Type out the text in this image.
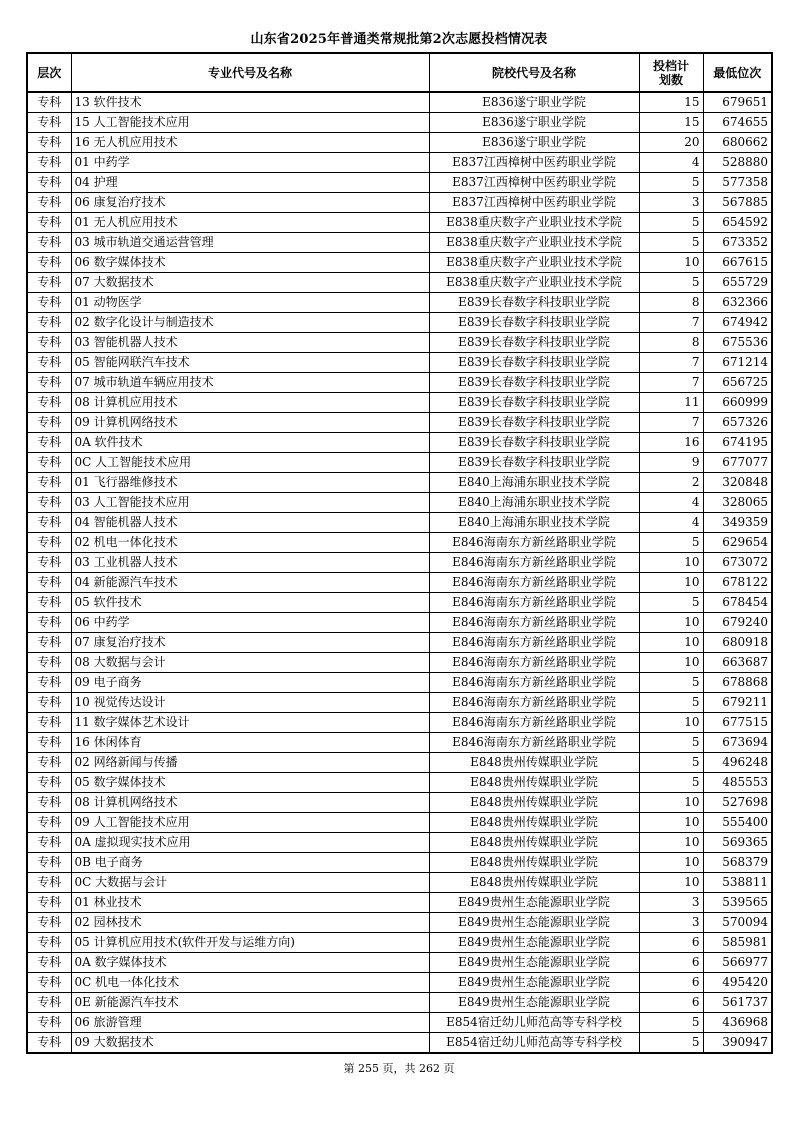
山东省2025年普通类常规批第2次志愿投档情况表
层次	专业代号及名称	院校代号及名称	投档计划数	最低位次
专科	13 软件技术	E836遂宁职业学院	15	679651
专科	15 人工智能技术应用	E836遂宁职业学院	15	674655
专科	16 无人机应用技术	E836遂宁职业学院	20	680662
专科	01 中药学	E837江西樟树中医药职业学院	4	528880
专科	04 护理	E837江西樟树中医药职业学院	5	577358
专科	06 康复治疗技术	E837江西樟树中医药职业学院	3	567885
专科	01 无人机应用技术	E838重庆数字产业职业技术学院	5	654592
专科	03 城市轨道交通运营管理	E838重庆数字产业职业技术学院	5	673352
专科	06 数字媒体技术	E838重庆数字产业职业技术学院	10	667615
专科	07 大数据技术	E838重庆数字产业职业技术学院	5	655729
专科	01 动物医学	E839长春数字科技职业学院	8	632366
专科	02 数字化设计与制造技术	E839长春数字科技职业学院	7	674942
专科	03 智能机器人技术	E839长春数字科技职业学院	8	675536
专科	05 智能网联汽车技术	E839长春数字科技职业学院	7	671214
专科	07 城市轨道车辆应用技术	E839长春数字科技职业学院	7	656725
专科	08 计算机应用技术	E839长春数字科技职业学院	11	660999
专科	09 计算机网络技术	E839长春数字科技职业学院	7	657326
专科	0A 软件技术	E839长春数字科技职业学院	16	674195
专科	0C 人工智能技术应用	E839长春数字科技职业学院	9	677077
专科	01 飞行器维修技术	E840上海浦东职业技术学院	2	320848
专科	03 人工智能技术应用	E840上海浦东职业技术学院	4	328065
专科	04 智能机器人技术	E840上海浦东职业技术学院	4	349359
专科	02 机电一体化技术	E846海南东方新丝路职业学院	5	629654
专科	03 工业机器人技术	E846海南东方新丝路职业学院	10	673072
专科	04 新能源汽车技术	E846海南东方新丝路职业学院	10	678122
专科	05 软件技术	E846海南东方新丝路职业学院	5	678454
专科	06 中药学	E846海南东方新丝路职业学院	10	679240
专科	07 康复治疗技术	E846海南东方新丝路职业学院	10	680918
专科	08 大数据与会计	E846海南东方新丝路职业学院	10	663687
专科	09 电子商务	E846海南东方新丝路职业学院	5	678868
专科	10 视觉传达设计	E846海南东方新丝路职业学院	5	679211
专科	11 数字媒体艺术设计	E846海南东方新丝路职业学院	10	677515
专科	16 休闲体育	E846海南东方新丝路职业学院	5	673694
专科	02 网络新闻与传播	E848贵州传媒职业学院	5	496248
专科	05 数字媒体技术	E848贵州传媒职业学院	5	485553
专科	08 计算机网络技术	E848贵州传媒职业学院	10	527698
专科	09 人工智能技术应用	E848贵州传媒职业学院	10	555400
专科	0A 虚拟现实技术应用	E848贵州传媒职业学院	10	569365
专科	0B 电子商务	E848贵州传媒职业学院	10	568379
专科	0C 大数据与会计	E848贵州传媒职业学院	10	538811
专科	01 林业技术	E849贵州生态能源职业学院	3	539565
专科	02 园林技术	E849贵州生态能源职业学院	3	570094
专科	05 计算机应用技术(软件开发与运维方向)	E849贵州生态能源职业学院	6	585981
专科	0A 数字媒体技术	E849贵州生态能源职业学院	6	566977
专科	0C 机电一体化技术	E849贵州生态能源职业学院	6	495420
专科	0E 新能源汽车技术	E849贵州生态能源职业学院	6	561737
专科	06 旅游管理	E854宿迁幼儿师范高等专科学校	5	436968
专科	09 大数据技术	E854宿迁幼儿师范高等专科学校	5	390947
第 255 页，共 262 页
